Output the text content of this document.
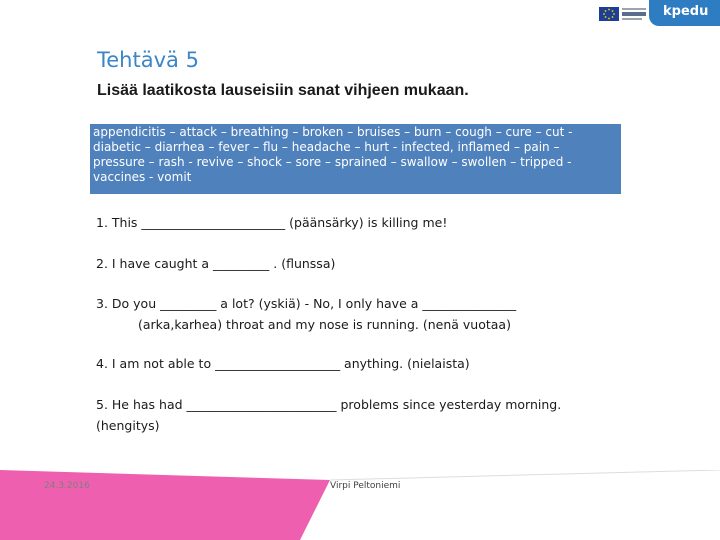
kpedu
Tehtävä 5
Lisää laatikosta lauseisiin sanat vihjeen mukaan.
appendicitis – attack – breathing – broken – bruises – burn – cough – cure – cut -
diabetic – diarrhea – fever – flu – headache – hurt - infected, inflamed – pain –
pressure – rash - revive – shock – sore – sprained – swallow – swollen – tripped -
vaccines - vomit
1. This _______________________ (päänsärky) is killing me!
2. I have caught a _________ . (flunssa)
3. Do you _________ a lot? (yskiä) - No, I only have a _______________
(arka,karhea) throat and my nose is running. (nenä vuotaa)
4. I am not able to ____________________ anything. (nielaista)
5. He has had ________________________ problems since yesterday morning.
(hengitys)
24.3.2016	Virpi Peltoniemi
